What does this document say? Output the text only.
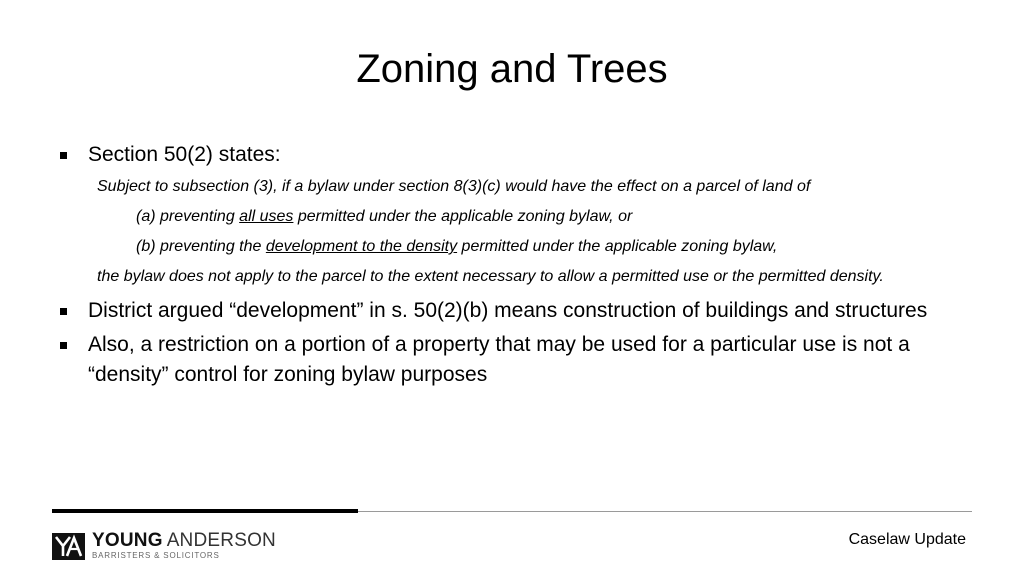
Zoning and Trees
Section 50(2) states:
Subject to subsection (3), if a bylaw under section 8(3)(c) would have the effect on a parcel of land of
(a) preventing all uses permitted under the applicable zoning bylaw, or
(b) preventing the development to the density permitted under the applicable zoning bylaw,
the bylaw does not apply to the parcel to the extent necessary to allow a permitted use or the permitted density.
District argued “development” in s. 50(2)(b) means construction of buildings and structures
Also, a restriction on a portion of a property that may be used for a particular use is not a “density” control for zoning bylaw purposes
YOUNG ANDERSON
BARRISTERS & SOLICITORS
Caselaw Update
